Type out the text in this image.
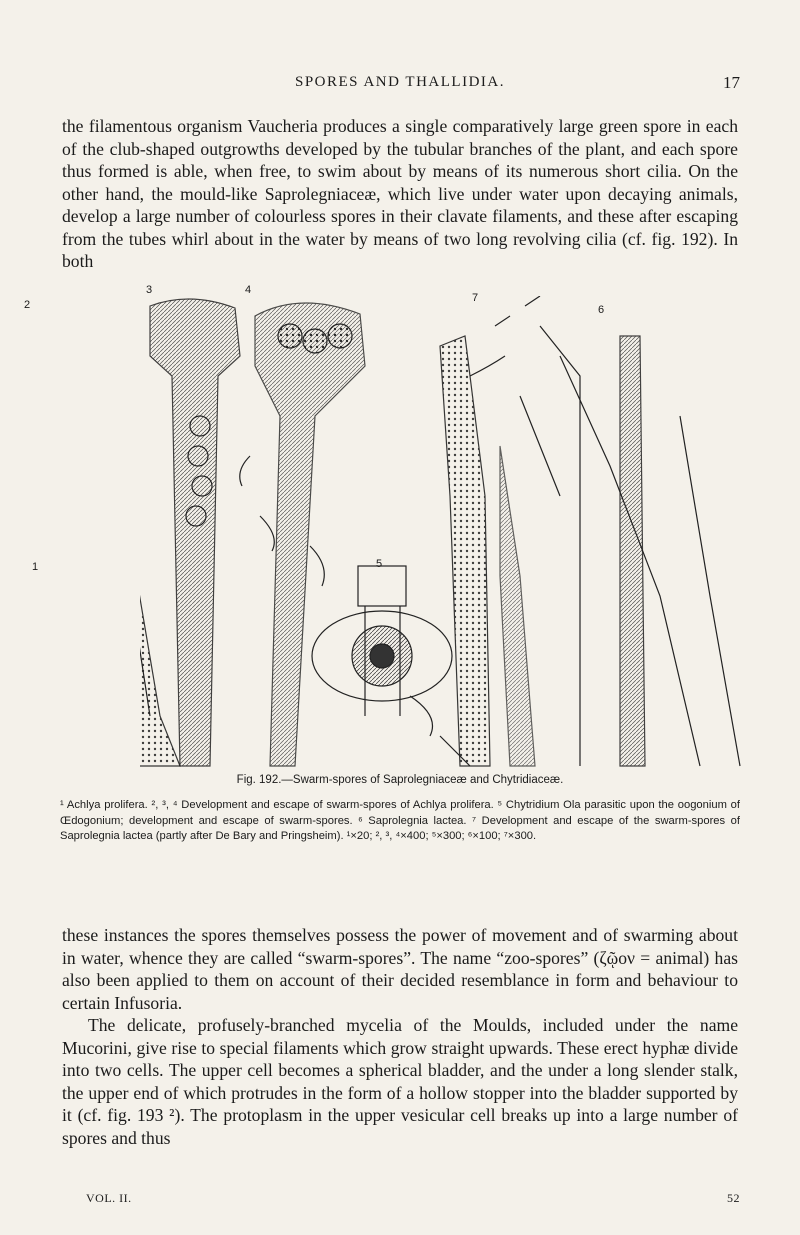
SPORES AND THALLIDIA.	17

the filamentous organism Vaucheria produces a single comparatively large green spore in each of the club-shaped outgrowths developed by the tubular branches of the plant, and each spore thus formed is able, when free, to swim about by means of its numerous short cilia. On the other hand, the mould-like Saprolegniaceæ, which live under water upon decaying animals, develop a large number of colourless spores in their clavate filaments, and these after escaping from the tubes whirl about in the water by means of two long revolving cilia (cf. fig. 192). In both

1
2
3	4
5
6
7
Fig. 192.—Swarm-spores of Saprolegniaceæ and Chytridiaceæ.

¹ Achlya prolifera. ², ³, ⁴ Development and escape of swarm-spores of Achlya prolifera. ⁵ Chytridium Ola parasitic upon the oogonium of Œdogonium; development and escape of swarm-spores. ⁶ Saprolegnia lactea. ⁷ Development and escape of the swarm-spores of Saprolegnia lactea (partly after De Bary and Pringsheim). ¹×20; ², ³, ⁴×400; ⁵×300; ⁶×100; ⁷×300.

these instances the spores themselves possess the power of movement and of swarming about in water, whence they are called “swarm-spores”. The name “zoo-spores” (ζῷον = animal) has also been applied to them on account of their decided resemblance in form and behaviour to certain Infusoria.
The delicate, profusely-branched mycelia of the Moulds, included under the name Mucorini, give rise to special filaments which grow straight upwards. These erect hyphæ divide into two cells. The upper cell becomes a spherical bladder, and the under a long slender stalk, the upper end of which protrudes in the form of a hollow stopper into the bladder supported by it (cf. fig. 193 ²). The protoplasm in the upper vesicular cell breaks up into a large number of spores and thus

VOL. II.	52
